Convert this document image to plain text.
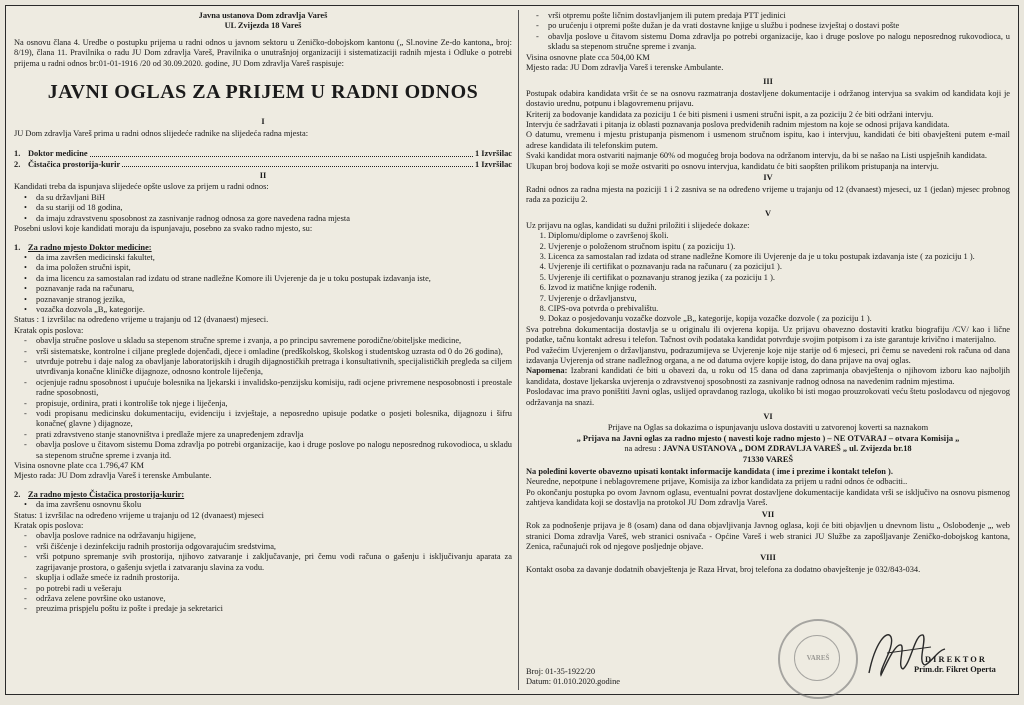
Javna ustanova Dom zdravlja Vareš

UL Zvijezda 18 Vareš

Na osnovu člana 4. Uredbe o postupku prijema u radni odnos u javnom sektoru u Zeničko-dobojskom kantonu („ Sl.novine Ze-do kantona„ broj: 8/19), člana 11. Pravilnika o radu JU Dom zdravlja Vareš, Pravilnika o unutrašnjoj organizaciji i sistematizaciji radnih mjesta i Odluke o potrebi prijema u radni odnos br:01-01-1916 /20 od 30.09.2020. godine, JU Dom zdravlja Vareš raspisuje:

JAVNI OGLAS ZA PRIJEM U RADNI ODNOS

I

JU Dom zdravlja Vareš prima u radni odnos slijedeće radnike na slijedeća radna mjesta:

1. Doktor medicine	1 Izvršilac
2. Čistačica prostorija-kurir	1 Izvršilac

II

Kandidati treba da ispunjava slijedeće opšte uslove za prijem u radni odnos:

• da su državljani BiH
• da su stariji od 18 godina,
• da imaju zdravstvenu sposobnost za zasnivanje radnog odnosa za gore navedena radna mjesta

Posebni uslovi koje kandidati moraju da ispunjavaju, posebno za svako radno mjesto, su:

1. Za radno mjesto Doktor medicine:

• da ima završen medicinski fakultet,
• da ima položen stručni ispit,
• da ima licencu za samostalan rad izdatu od strane nadležne Komore ili Uvjerenje da je u toku postupak izdavanja iste,
• poznavanje rada na računaru,
• poznavanje stranog jezika,
• vozačka dozvola „B„ kategorije.

Status : 1 izvršilac na određeno vrijeme u trajanju od 12 (dvanaest) mjeseci.

Kratak opis poslova:

- obavlja stručne poslove u skladu sa stepenom stručne spreme i zvanja, a po principu savremene porodične/obiteljske medicine,
- vrši sistematske, kontrolne i ciljane preglede dojenčadi, djece i omladine (predškolskog, školskog i studentskog uzrasta od 0 do 26 godina),
- utvrđuje potrebu i daje nalog za obavljanje laboratorijskih i drugih dijagnostičkih pretraga i konsultativnih, specijalističkih pregleda sa ciljem utvrđivanja konačne kliničke dijagnoze, odnosno kontrole liječenja,
- ocjenjuje radnu sposobnost i upućuje bolesnika na ljekarski i invalidsko-penzijsku komisiju, radi ocjene privremene nesposobnosti i preostale radne sposobnosti,
- propisuje, ordinira, prati i kontroliše tok njege i liječenja,
- vodi propisanu medicinsku dokumentaciju, evidenciju i izvještaje, a neposredno upisuje podatke o posjeti bolesnika, dijagnozu i šifru konačne( glavne ) dijagnoze,
- prati zdravstveno stanje stanovništva i predlaže mjere za unapređenjem zdravlja
- obavlja poslove u čitavom sistemu Doma zdravlja po potrebi organizacije, kao i druge poslove po nalogu neposrednog rukovodioca, u skladu sa stepenom stručne spreme i zvanja itd.

Visina osnovne plate cca 1.796,47 KM

Mjesto rada: JU Dom zdravlja Vareš i terenske Ambulante.

2. Za radno mjesto Čistačica prostorija-kurir:

• da ima završenu osnovnu školu

Status: 1 izvršilac na određeno vrijeme u trajanju od 12 (dvanaest) mjeseci

Kratak opis poslova:

- obavlja poslove radnice na održavanju higijene,
- vrši čišćenje i dezinfekciju radnih prostorija odgovarajućim sredstvima,
- vrši potpuno spremanje svih prostorija, njihovo zatvaranje i zaključavanje, pri čemu vodi računa o gašenju i isključivanju aparata za zagrijavanje prostora, o gašenju svjetla i zatvaranju slavina za vodu.
- skuplja i odlaže smeće iz radnih prostorija.
- po potrebi radi u vešeraju
- održava zelene površine oko ustanove,
- preuzima prispjelu poštu iz pošte i predaje ja sekretarici
- vrši otpremu pošte ličnim dostavljanjem ili putem predaja PTT jedinici
- po urućenju i otpremi pošte dužan je da vrati dostavne knjige u službu i podnese izvještaj o dostavi pošte
- obavlja poslove u čitavom sistemu Doma zdravlja po potrebi organizacije, kao i druge poslove po nalogu neposrednog rukovodioca, u skladu sa stepenom stručne spreme i zvanja.

Visina osnovne plate cca 504,00 KM

Mjesto rada: JU Dom zdravlja Vareš i terenske Ambulante.

III

Postupak odabira kandidata vršit će se na osnovu razmatranja dostavljene dokumentacije i održanog intervjua sa svakim od kandidata koji je dostavio urednu, potpunu i blagovremenu prijavu.

Kriterij za bodovanje kandidata za poziciju 1 će biti pismeni i usmeni stručni ispit, a za poziciju 2 će biti održani intervju.

Intervju će sadržavati i pitanja iz oblasti poznavanja poslova predviđenih radnim mjestom na koje se odnosi prijava kandidata.

O datumu, vremenu i mjestu pristupanja pismenom i usmenom stručnom ispitu, kao i intervjuu, kandidati će biti obavješteni putem e-mail adrese kandidata ili telefonskim putem.

Svaki kandidat mora ostvariti najmanje 60% od mogućeg broja bodova na održanom intervju, da bi se našao na Listi uspješnih kandidata.

Ukupan broj bodova koji se može ostvariti po osnovu intervjua, kandidatu će biti saopšten prilikom pristupanja na intervju.

IV

Radni odnos za radna mjesta na poziciji 1 i 2 zasniva se na određeno vrijeme u trajanju od 12 (dvanaest) mjeseci, uz 1 (jedan) mjesec probnog rada za poziciju 2.

V

Uz prijavu na oglas, kandidati su dužni priložiti i slijedeće dokaze:

1. Diplomu/diplome o završenoj školi.
2. Uvjerenje o položenom stručnom ispitu ( za poziciju 1).
3. Licenca za samostalan rad izdata od strane nadležne Komore ili Uvjerenje da je u toku postupak izdavanja iste ( za poziciju 1 ).
4. Uvjerenje ili certifikat o poznavanju rada na računaru ( za poziciju1 ).
5. Uvjerenje ili certifikat o poznavanju stranog jezika ( za poziciju 1 ).
6. Izvod iz matične knjige rođenih.
7. Uvjerenje o državljanstvu,
8. CIPS-ova potvrda o prebivalištu.
9. Dokaz o posjedovanju vozačke dozvole „B„ kategorije, kopija vozačke dozvole ( za poziciju 1 ).

Sva potrebna dokumentacija dostavlja se u originalu ili ovjerena kopija. Uz prijavu obavezno dostaviti kratku biografiju /CV/ kao i lične podatke, tačnu kontakt adresu i telefon. Tačnost ovih podataka kandidat potvrđuje svojim potpisom i za iste garantuje krivično i materijalno.

Pod važećim Uvjerenjem o državljanstvu, podrazumijeva se Uvjerenje koje nije starije od 6 mjeseci, pri čemu se navedeni rok računa od dana izdavanja Uvjerenja od strane nadležnog organa, a ne od datuma ovjere kopije istog, do dana prijave na ovaj oglas.

Napomena: Izabrani kandidati će biti u obavezi da, u roku od 15 dana od dana zaprimanja obavještenja o njihovom izboru kao najboljih kandidata, dostave ljekarska uvjerenja o zdravstvenoj sposobnosti za zasnivanje radnog odnosa na navedenim radnim mjestima.

Poslodavac ima pravo poništiti Javni oglas, uslijed opravdanog razloga, ukoliko bi isti mogao prouzrokovati veću štetu poslodavcu od njegovog održavanja na snazi.

VI

Prijave na Oglas sa dokazima o ispunjavanju uslova dostaviti u zatvorenoj koverti sa naznakom

„ Prijava na Javni oglas za radno mjesto ( navesti koje radno mjesto ) – NE OTVARAJ – otvara Komisija „

na adresu : JAVNA USTANOVA „ DOM ZDRAVLJA VAREŠ „ ul. Zvijezda br.18

71330 VAREŠ

Na poleđini koverte obavezno upisati kontakt informacije kandidata ( ime i prezime i kontakt telefon ).

Neuredne, nepotpune i neblagovremene prijave, Komisija za izbor kandidata za prijem u radni odnos će odbaciti..

Po okončanju postupka po ovom Javnom oglasu, eventualni povrat dostavljene dokumentacije kandidata vrši se isključivo na osnovu pismenog zahtjeva kandidata koji se dostavlja na protokol JU Dom zdravlja Vareš.

VII

Rok za podnošenje prijava je 8 (osam) dana od dana objavljivanja Javnog oglasa, koji će biti objavljen u dnevnom listu „ Oslobođenje „, web stranici Doma zdravlja Vareš, web stranici osnivača - Općine Vareš i web stranici JU Službe za zapošljavanje Zeničko-dobojskog kantona, Zenica, računajući rok od njegove posljednje objave.

VIII

Kontakt osoba za davanje dodatnih obavještenja je Raza Hrvat, broj telefona za dodatno obavještenje je 032/843-034.

Broj: 01-35-1922/20

Datum: 01.010.2020.godine

VAREŠ	D I R E K T O R

Prim.dr. Fikret Operta
